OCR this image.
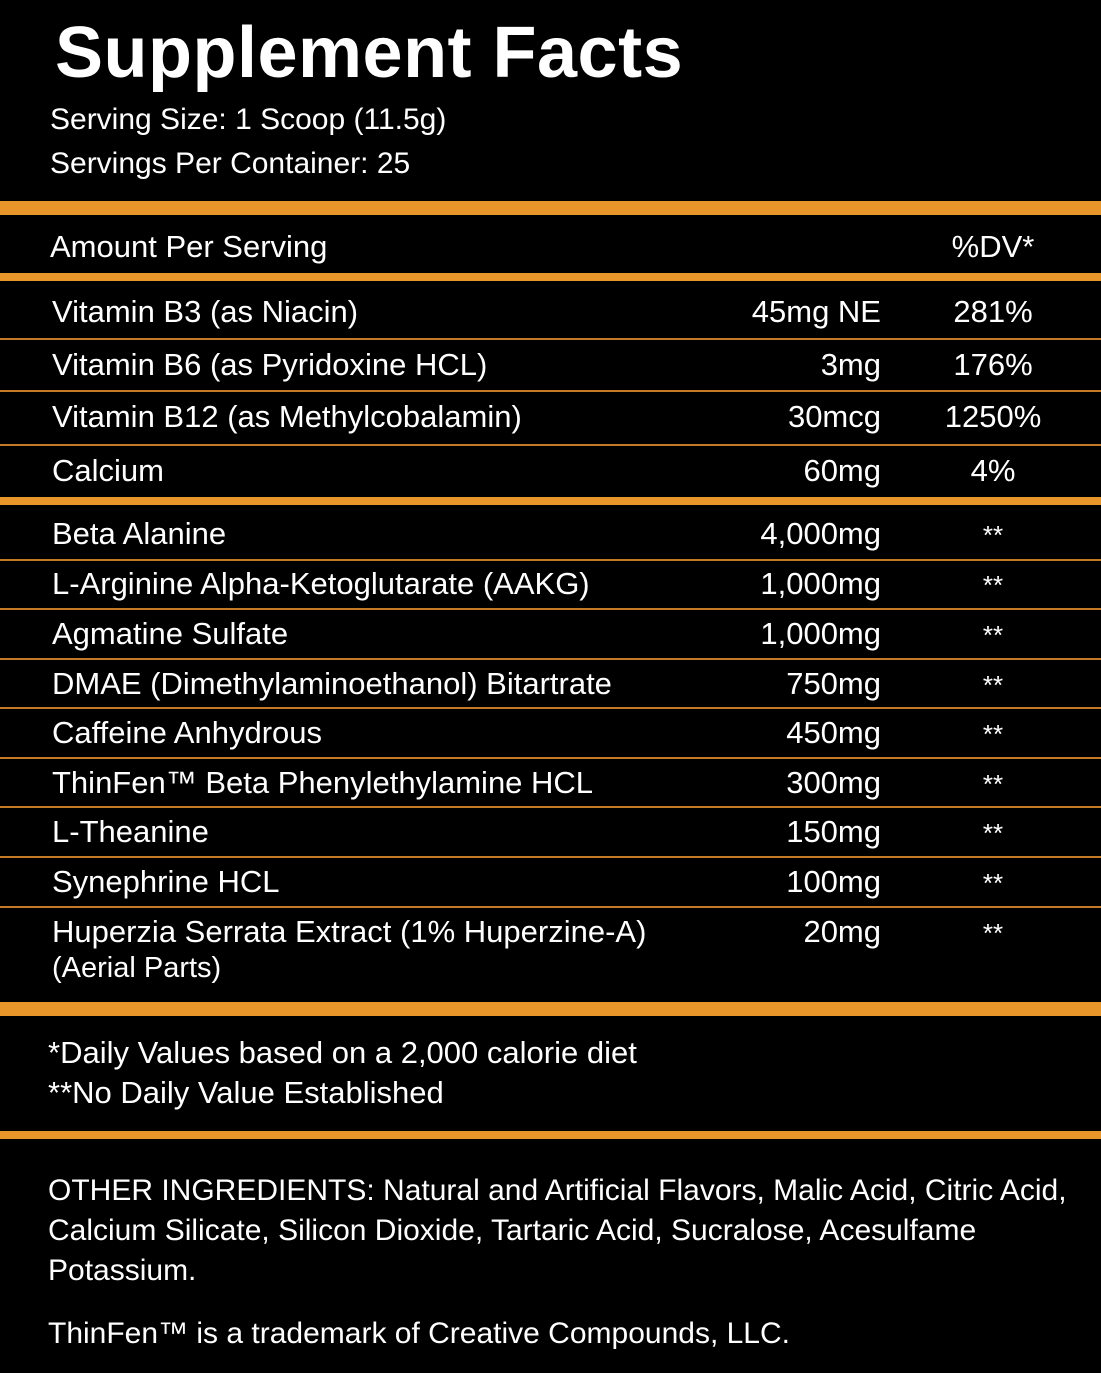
Supplement Facts
Serving Size: 1 Scoop (11.5g)
Servings Per Container: 25
Amount Per Serving	%DV*
Vitamin B3 (as Niacin)	45mg NE	281%
Vitamin B6 (as Pyridoxine HCL)	3mg	176%
Vitamin B12 (as Methylcobalamin)	30mcg	1250%
Calcium	60mg	4%
Beta Alanine	4,000mg	**
L-Arginine Alpha-Ketoglutarate (AAKG)	1,000mg	**
Agmatine Sulfate	1,000mg	**
DMAE (Dimethylaminoethanol) Bitartrate	750mg	**
Caffeine Anhydrous	450mg	**
ThinFen™ Beta Phenylethylamine HCL	300mg	**
L-Theanine	150mg	**
Synephrine HCL	100mg	**
Huperzia Serrata Extract (1% Huperzine-A)
(Aerial Parts)
20mg	**
*Daily Values based on a 2,000 calorie diet
**No Daily Value Established
OTHER INGREDIENTS: Natural and Artificial Flavors, Malic Acid, Citric Acid, Calcium Silicate, Silicon Dioxide, Tartaric Acid, Sucralose, Acesulfame Potassium.
ThinFen™ is a trademark of Creative Compounds, LLC.
